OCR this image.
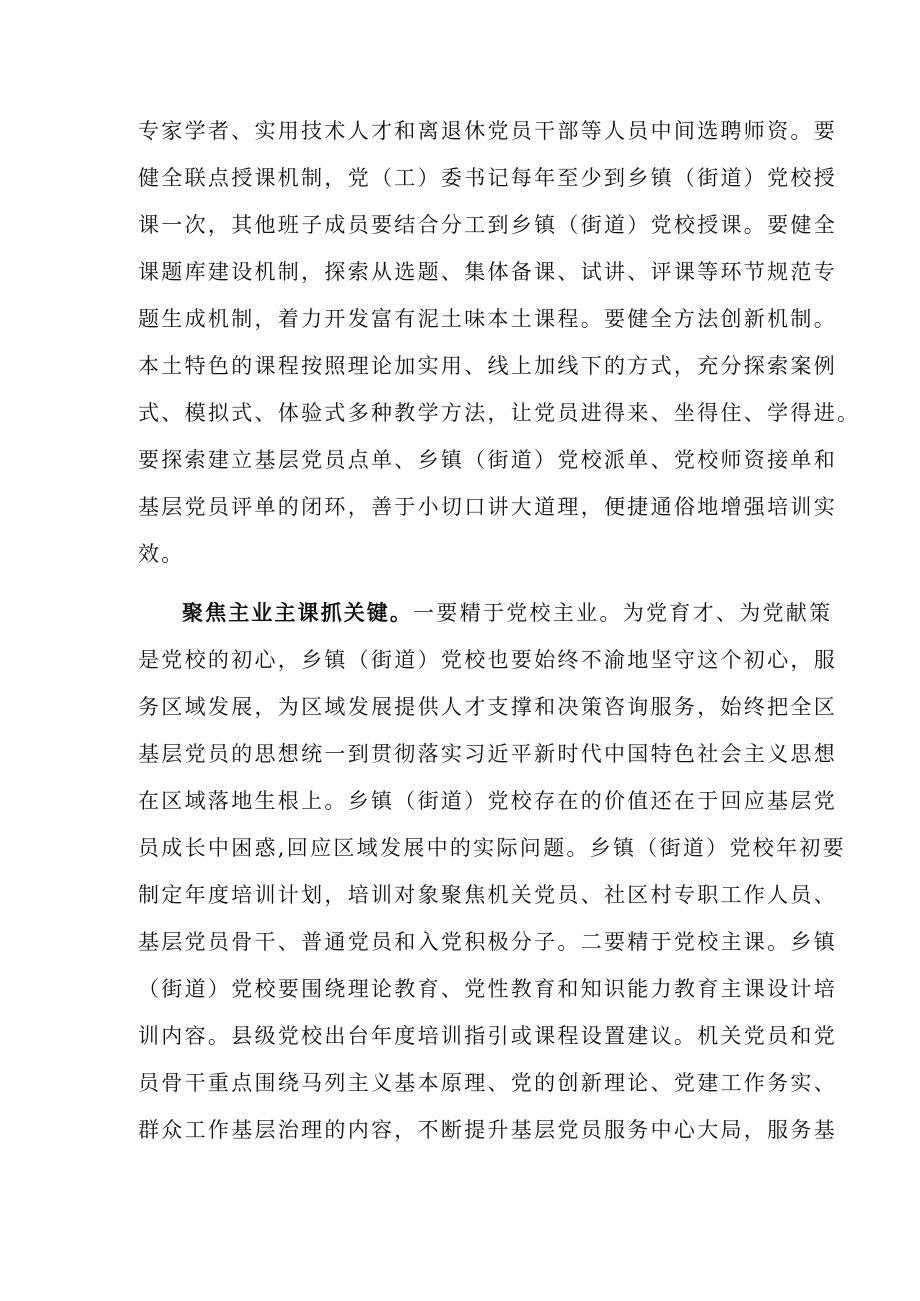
专家学者、实用技术人才和离退休党员干部等人员中间选聘师资。要
健全联点授课机制，党（工）委书记每年至少到乡镇（街道）党校授
课一次，其他班子成员要结合分工到乡镇（街道）党校授课。要健全
课题库建设机制，探索从选题、集体备课、试讲、评课等环节规范专
题生成机制，着力开发富有泥土味本土课程。要健全方法创新机制。
本土特色的课程按照理论加实用、线上加线下的方式，充分探索案例
式、模拟式、体验式多种教学方法，让党员进得来、坐得住、学得进。
要探索建立基层党员点单、乡镇（街道）党校派单、党校师资接单和
基层党员评单的闭环，善于小切口讲大道理，便捷通俗地增强培训实
效。
聚焦主业主课抓关键。一要精于党校主业。为党育才、为党献策
是党校的初心，乡镇（街道）党校也要始终不渝地坚守这个初心，服
务区域发展，为区域发展提供人才支撑和决策咨询服务，始终把全区
基层党员的思想统一到贯彻落实习近平新时代中国特色社会主义思想
在区域落地生根上。乡镇（街道）党校存在的价值还在于回应基层党
员成长中困惑,回应区域发展中的实际问题。乡镇（街道）党校年初要
制定年度培训计划，培训对象聚焦机关党员、社区村专职工作人员、
基层党员骨干、普通党员和入党积极分子。二要精于党校主课。乡镇
（街道）党校要围绕理论教育、党性教育和知识能力教育主课设计培
训内容。县级党校出台年度培训指引或课程设置建议。机关党员和党
员骨干重点围绕马列主义基本原理、党的创新理论、党建工作务实、
群众工作基层治理的内容，不断提升基层党员服务中心大局，服务基
